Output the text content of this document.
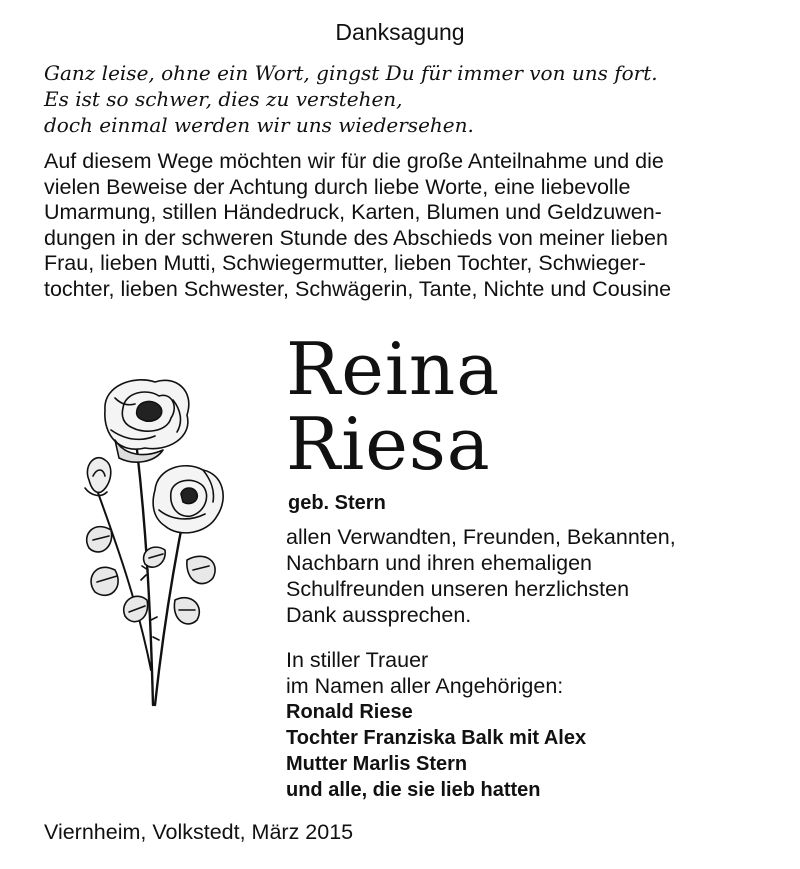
Danksagung
Ganz leise, ohne ein Wort, gingst Du für immer von uns fort.
Es ist so schwer, dies zu verstehen,
doch einmal werden wir uns wiedersehen.
Auf diesem Wege möchten wir für die große Anteilnahme und die
vielen Beweise der Achtung durch liebe Worte, eine liebevolle
Umarmung, stillen Händedruck, Karten, Blumen und Geldzuwen-
dungen in der schweren Stunde des Abschieds von meiner lieben
Frau, lieben Mutti, Schwiegermutter, lieben Tochter, Schwieger-
tochter, lieben Schwester, Schwägerin, Tante, Nichte und Cousine
Reina
Riesa
geb. Stern
allen Verwandten, Freunden, Bekannten,
Nachbarn und ihren ehemaligen
Schulfreunden unseren herzlichsten
Dank aussprechen.
In stiller Trauer
im Namen aller Angehörigen:
Ronald Riese
Tochter Franziska Balk mit Alex
Mutter Marlis Stern
und alle, die sie lieb hatten
Viernheim, Volkstedt, März 2015
